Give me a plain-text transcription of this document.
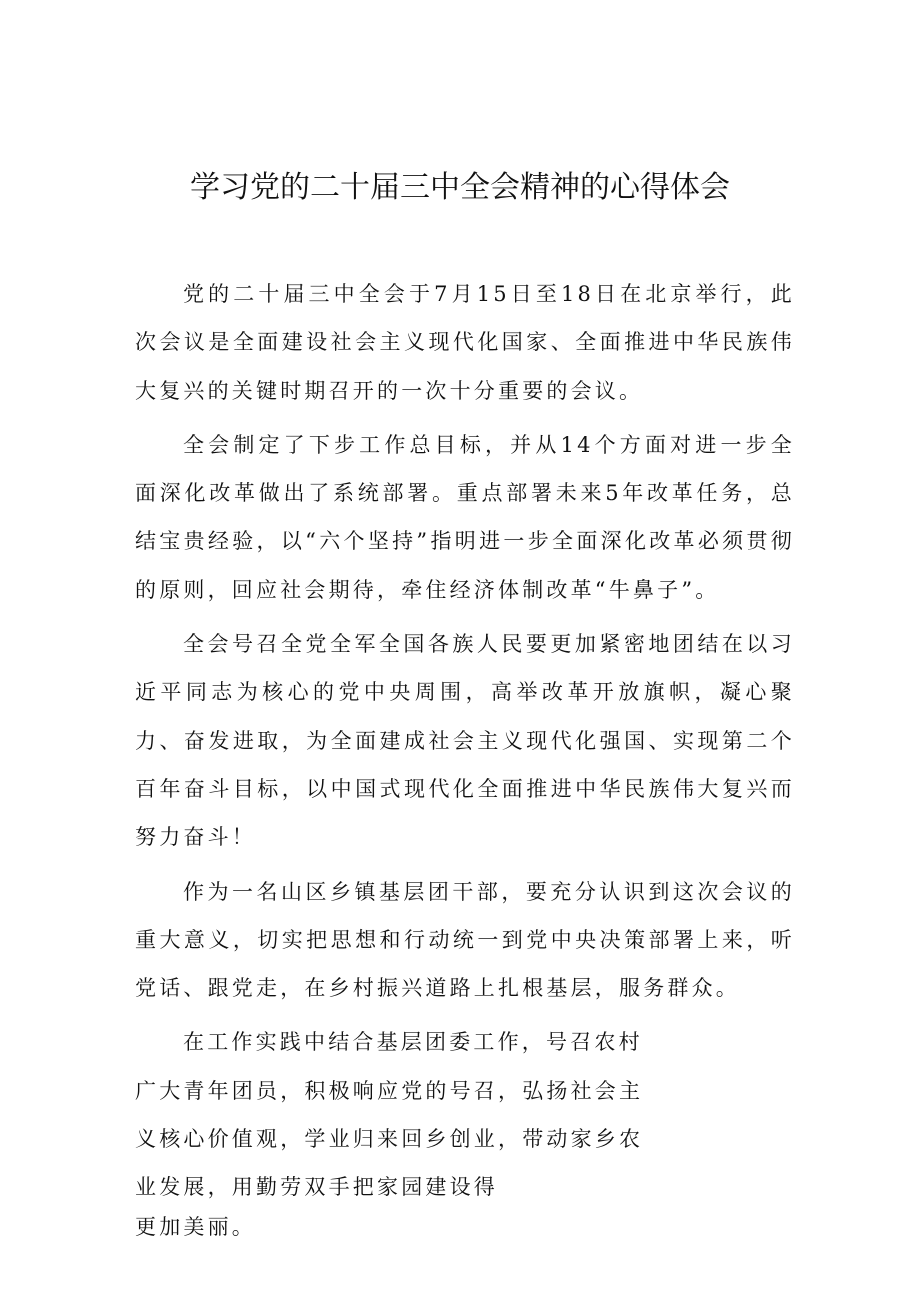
学习党的二十届三中全会精神的心得体会

党的二十届三中全会于7月15日至18日在北京举行，此次会议是全面建设社会主义现代化国家、全面推进中华民族伟大复兴的关键时期召开的一次十分重要的会议。

全会制定了下步工作总目标，并从14个方面对进一步全面深化改革做出了系统部署。重点部署未来5年改革任务，总结宝贵经验，以“六个坚持”指明进一步全面深化改革必须贯彻的原则，回应社会期待，牵住经济体制改革“牛鼻子”。

全会号召全党全军全国各族人民要更加紧密地团结在以习近平同志为核心的党中央周围，高举改革开放旗帜，凝心聚力、奋发进取，为全面建成社会主义现代化强国、实现第二个百年奋斗目标，以中国式现代化全面推进中华民族伟大复兴而努力奋斗！

作为一名山区乡镇基层团干部，要充分认识到这次会议的重大意义，切实把思想和行动统一到党中央决策部署上来，听党话、跟党走，在乡村振兴道路上扎根基层，服务群众。

在工作实践中结合基层团委工作，号召农村广大青年团员，积极响应党的号召，弘扬社会主义核心价值观，学业归来回乡创业，带动家乡农业发展，用勤劳双手把家园建设得

更加美丽。
